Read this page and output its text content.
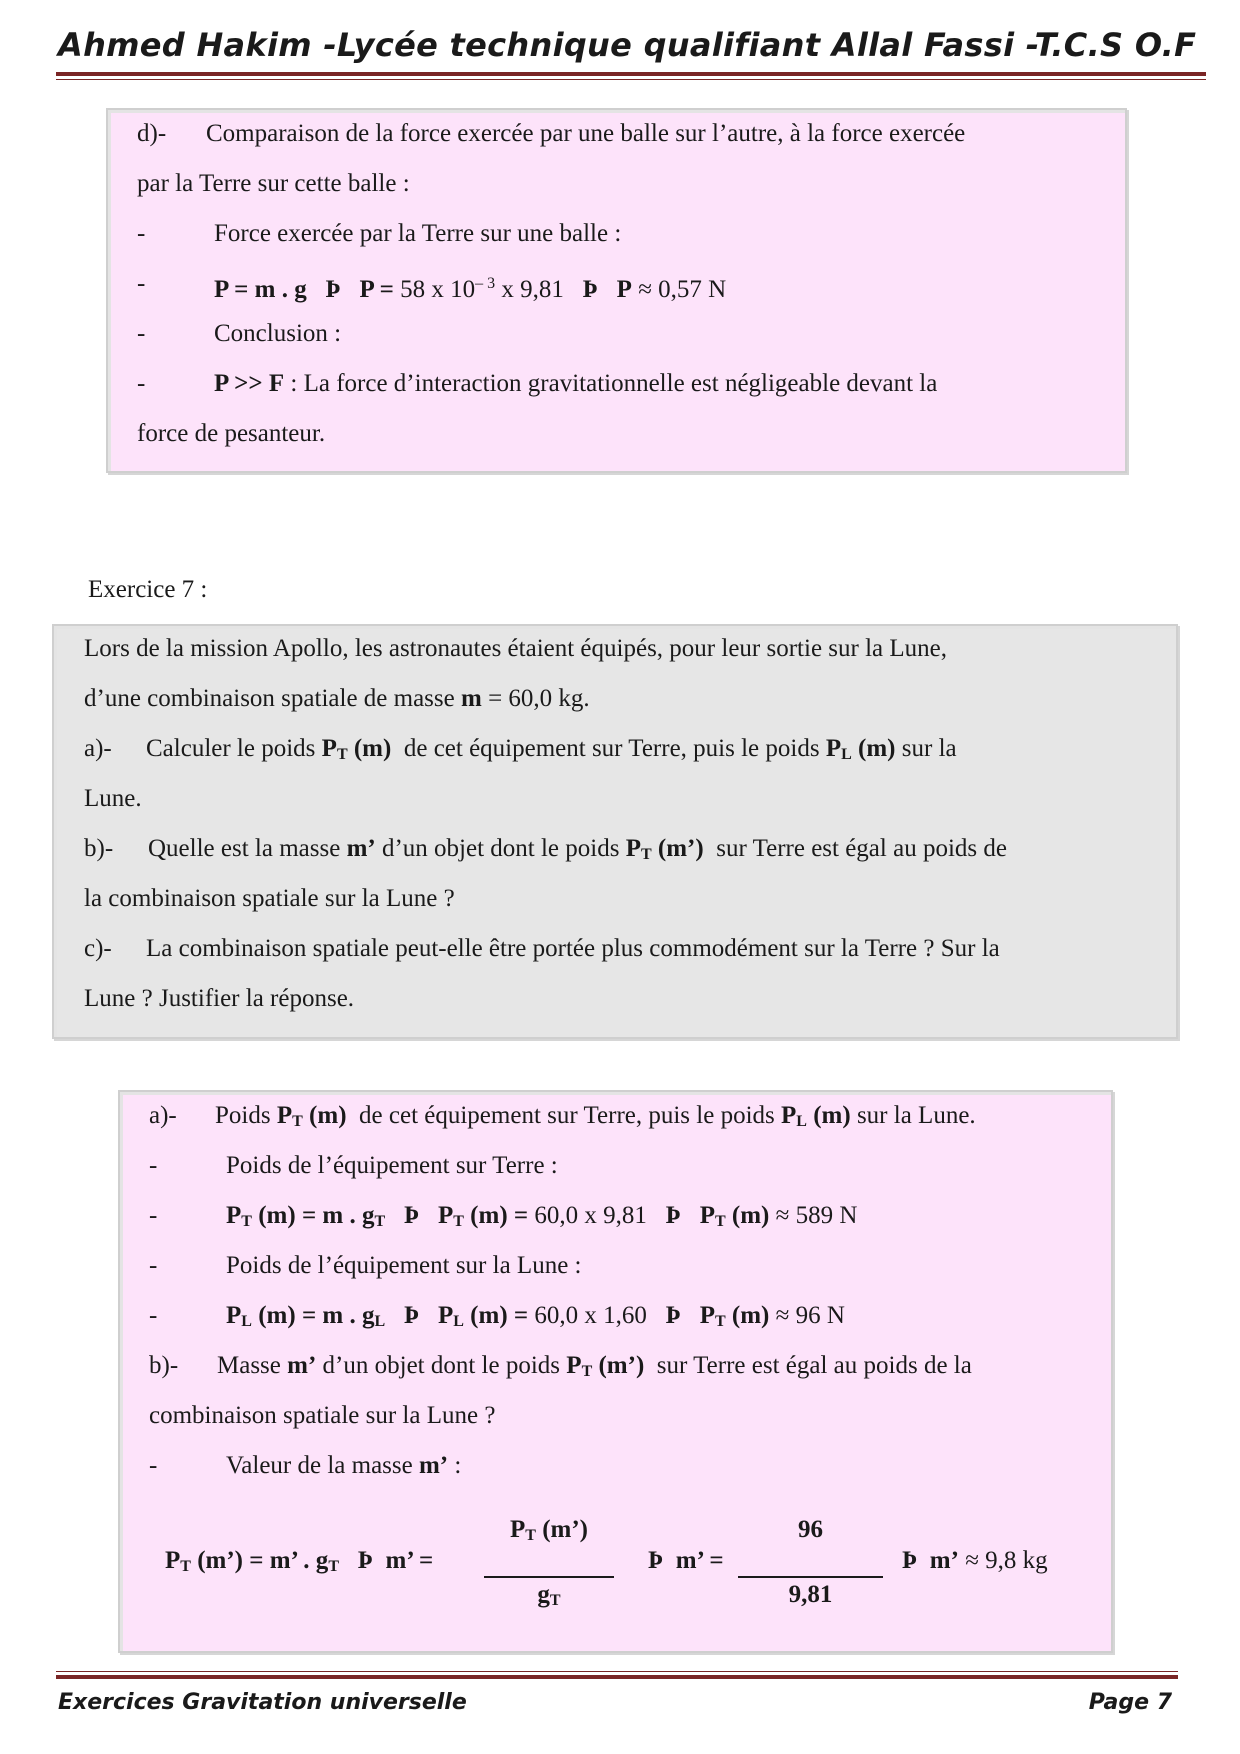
Ahmed Hakim -Lycée technique qualifiant Allal Fassi -T.C.S O.F
d)- Comparaison de la force exercée par une balle sur l’autre, à la force exercée
par la Terre sur cette balle :
-	Force exercée par la Terre sur une balle :
-	P = m . g Þ P = 58 x $10^{- 3}$ x 9,81 Þ P ≈ 0,57 N
-	Conclusion :
-	P >> F : La force d’interaction gravitationnelle est négligeable devant la
force de pesanteur.
Exercice 7 :
Lors de la mission Apollo, les astronautes étaient équipés, pour leur sortie sur la Lune,
d’une combinaison spatiale de masse m = 60,0 kg.
a)- Calculer le poids $P_T$ (m) de cet équipement sur Terre, puis le poids $P_L$ (m) sur la
Lune.
b)- Quelle est la masse m’ d’un objet dont le poids $P_T$ (m’) sur Terre est égal au poids de
la combinaison spatiale sur la Lune ?
c)- La combinaison spatiale peut-elle être portée plus commodément sur la Terre ? Sur la
Lune ? Justifier la réponse.
a)- Poids $P_T$ (m) de cet équipement sur Terre, puis le poids $P_L$ (m) sur la Lune.
-	Poids de l’équipement sur Terre :
-	$P_T$ (m) = m . $g_T$ Þ $P_T$ (m) = 60,0 x 9,81 Þ $P_T$ (m) ≈ 589 N
-	Poids de l’équipement sur la Lune :
-	$P_L$ (m) = m . $g_L$ Þ $P_L$ (m) = 60,0 x 1,60 Þ $P_T$ (m) ≈ 96 N
b)- Masse m’ d’un objet dont le poids $P_T$ (m’) sur Terre est égal au poids de la
combinaison spatiale sur la Lune ?
-	Valeur de la masse m’ :
$P_T$ (m’) = m’ . $g_T$ Þ m’ =
$P_T$ (m’)
$g_T$
Þ m’ =
96
9,81
Þ m’ ≈ 9,8 kg
Exercices Gravitation universelle	Page 7
